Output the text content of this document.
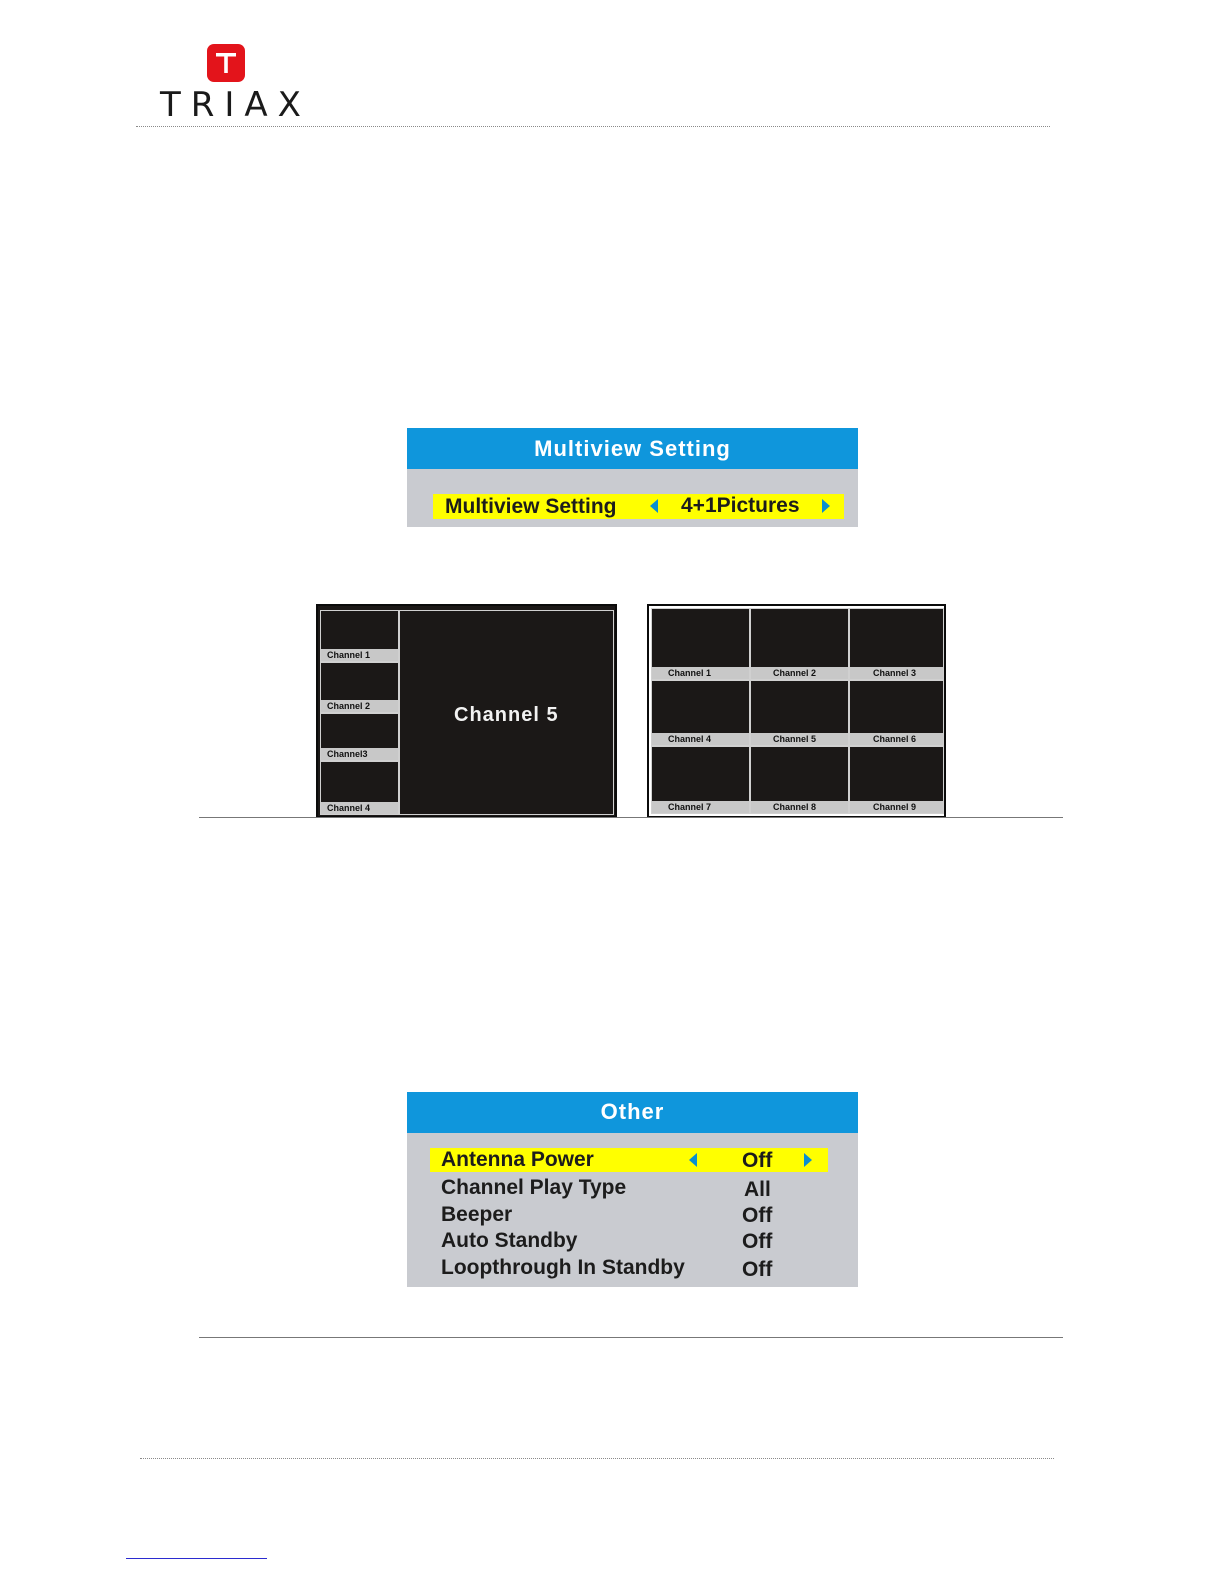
TRIAX
Multiview Setting
Multiview Setting	4+1Pictures
Channel 1
Channel 2
Channel3
Channel 4
Channel 5
Channel 1	Channel 2	Channel 3
Channel 4	Channel 5	Channel 6
Channel 7	Channel 8	Channel 9
Other
Antenna Power	Off
Channel Play Type	All
Beeper	Off
Auto Standby	Off
Loopthrough In Standby	Off
